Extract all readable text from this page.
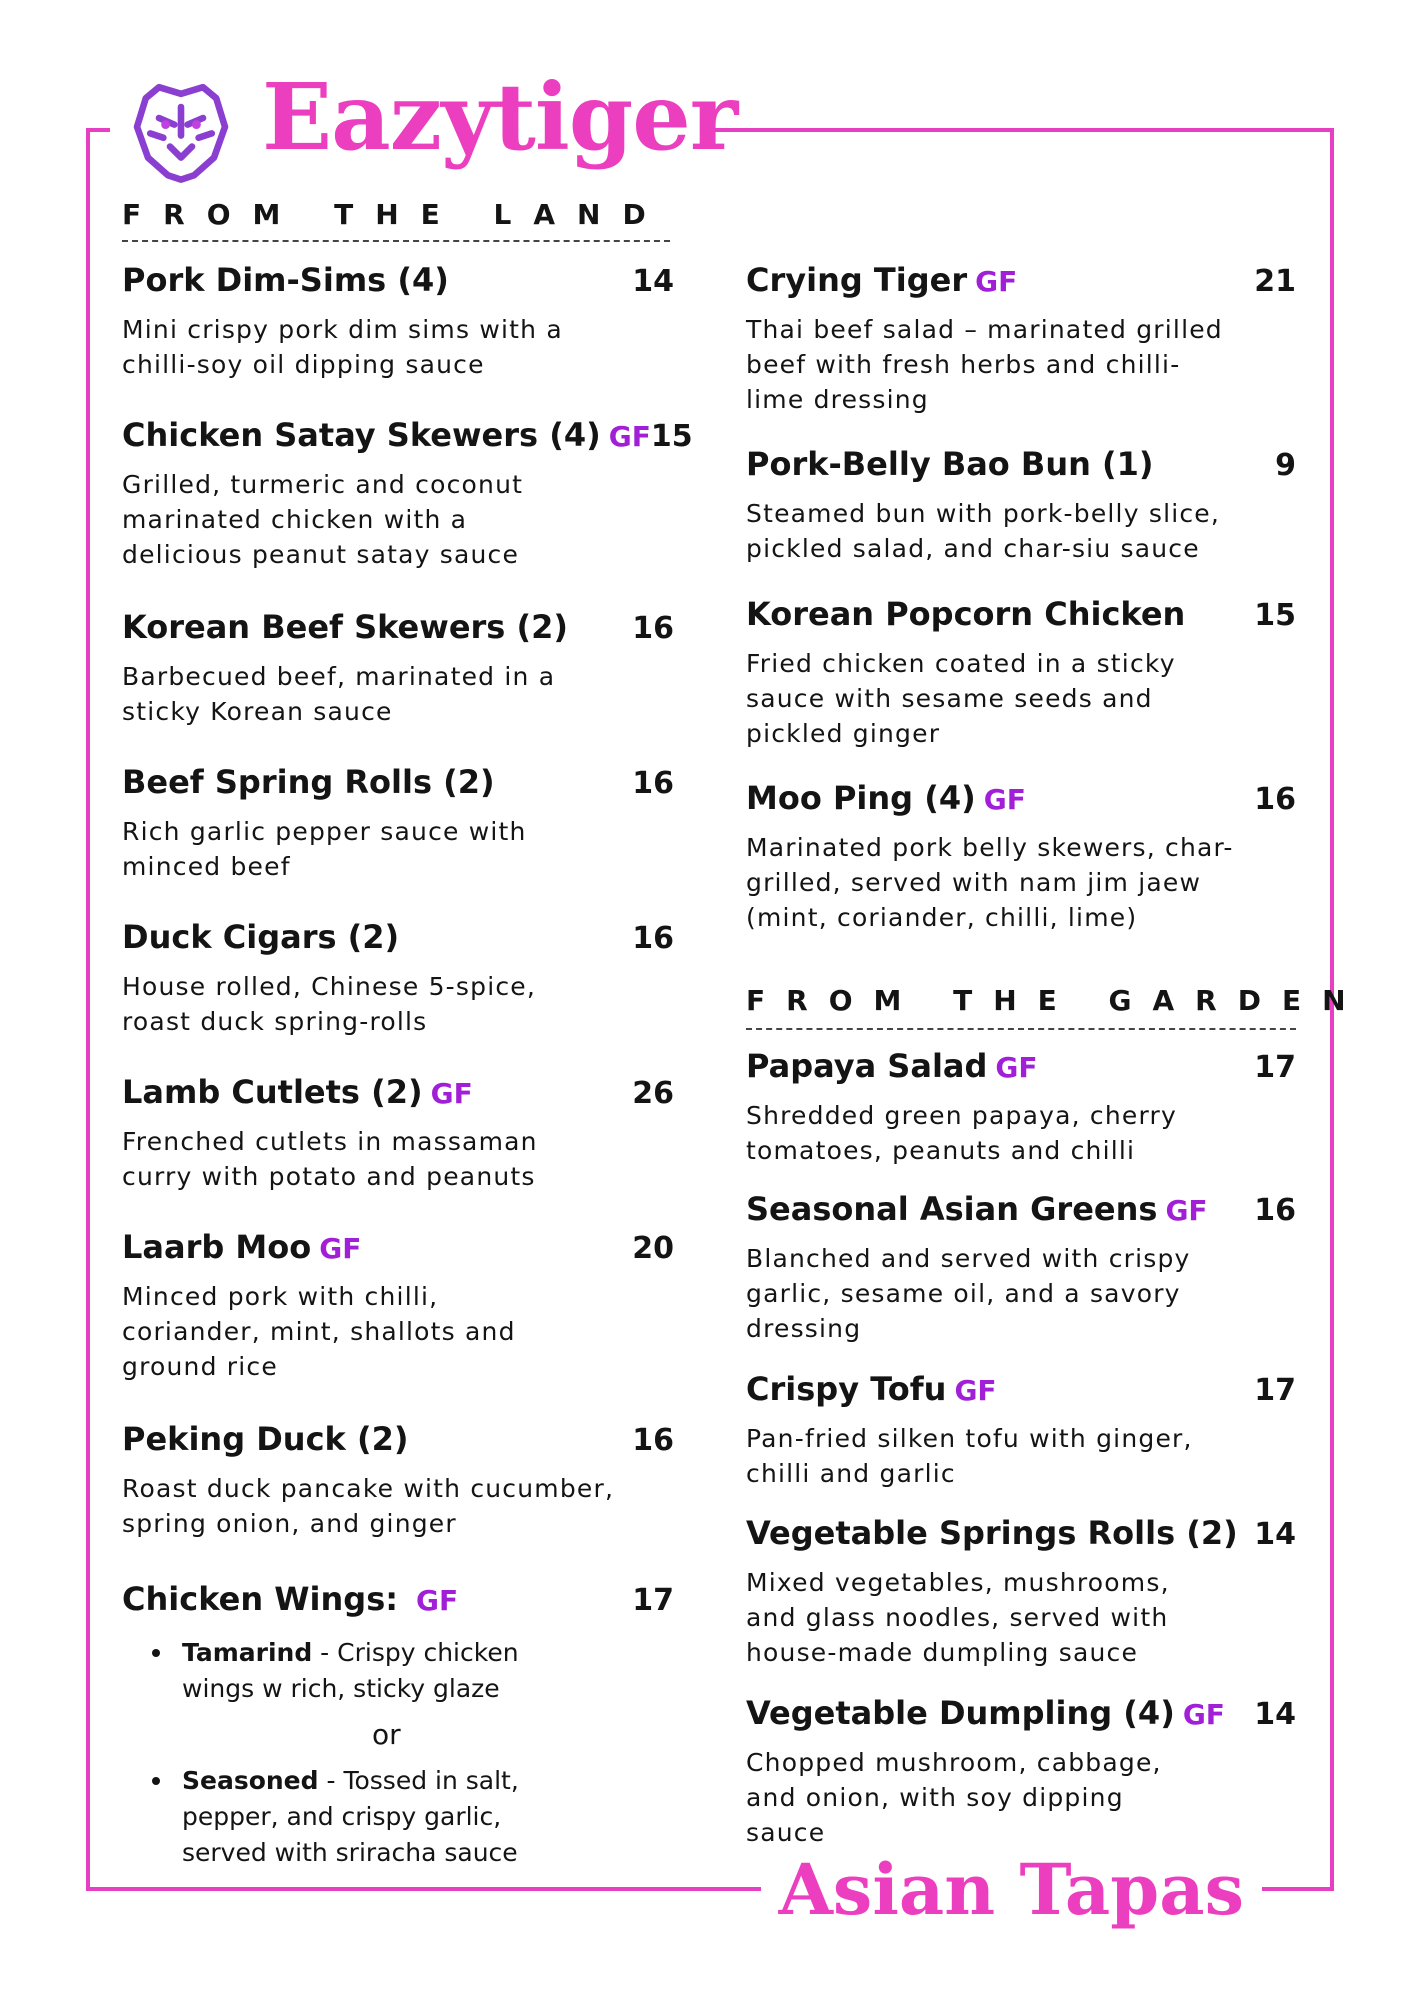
Eazytiger
FROM THE LAND
Pork Dim-Sims (4)	14
Mini crispy pork dim sims with a chilli-soy oil dipping sauce
Chicken Satay Skewers (4) GF 15
Grilled, turmeric and coconut marinated chicken with a delicious peanut satay sauce
Korean Beef Skewers (2) 16
Barbecued beef, marinated in a sticky Korean sauce
Beef Spring Rolls (2)	16
Rich garlic pepper sauce with minced beef
Duck Cigars (2)	16
House rolled, Chinese 5-spice, roast duck spring-rolls
Lamb Cutlets (2) GF	26
Frenched cutlets in massaman curry with potato and peanuts
Laarb Moo GF	20
Minced pork with chilli, coriander, mint, shallots and ground rice
Peking Duck (2)	16
Roast duck pancake with cucumber, spring onion, and ginger
Chicken Wings: GF	17
Tamarind - Crispy chicken wings w rich, sticky glaze
or
Seasoned - Tossed in salt, pepper, and crispy garlic, served with sriracha sauce
Crying Tiger GF	21
Thai beef salad – marinated grilled beef with fresh herbs and chilli-lime dressing
Pork-Belly Bao Bun (1)	9
Steamed bun with pork-belly slice, pickled salad, and char-siu sauce
Korean Popcorn Chicken 15
Fried chicken coated in a sticky sauce with sesame seeds and pickled ginger
Moo Ping (4) GF	16
Marinated pork belly skewers, char-grilled, served with nam jim jaew (mint, coriander, chilli, lime)
FROM THE GARDEN
Papaya Salad GF	17
Shredded green papaya, cherry tomatoes, peanuts and chilli
Seasonal Asian Greens GF 16
Blanched and served with crispy garlic, sesame oil, and a savory dressing
Crispy Tofu GF	17
Pan-fried silken tofu with ginger, chilli and garlic
Vegetable Springs Rolls (2) 14
Mixed vegetables, mushrooms, and glass noodles, served with house-made dumpling sauce
Vegetable Dumpling (4) GF 14
Chopped mushroom, cabbage, and onion, with soy dipping sauce
Asian Tapas
